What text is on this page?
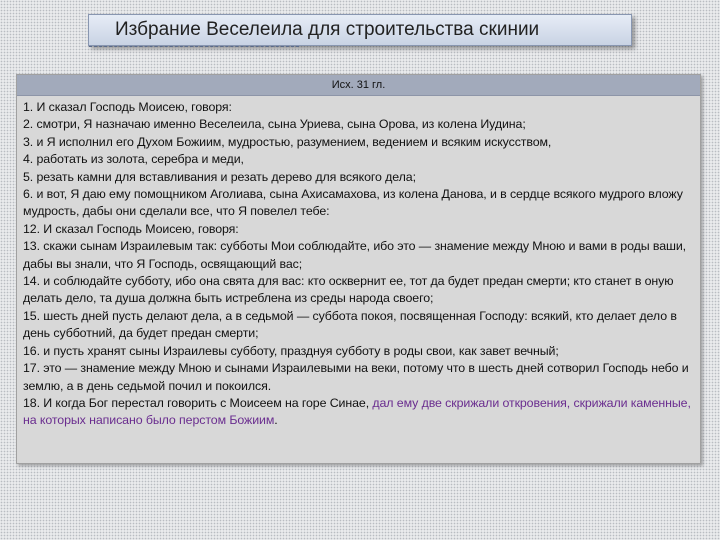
Избрание Веселеила для строительства скинии
Исх. 31 гл.
1. И сказал Господь Моисею, говоря:
2. смотри, Я назначаю именно Веселеила, сына Уриева, сына Орова, из колена Иудина;
3. и Я исполнил его Духом Божиим, мудростью, разумением, ведением и всяким искусством,
4. работать из золота, серебра и меди,
5. резать камни для вставливания и резать дерево для всякого дела;
6. и вот, Я даю ему помощником Аголиава, сына Ахисамахова, из колена Данова, и в сердце всякого мудрого вложу мудрость, дабы они сделали все, что Я повелел тебе:
12. И сказал Господь Моисею, говоря:
13. скажи сынам Израилевым так: субботы Мои соблюдайте, ибо это — знамение между Мною и вами в роды ваши, дабы вы знали, что Я Господь, освящающий вас;
14. и соблюдайте субботу, ибо она свята для вас: кто осквернит ее, тот да будет предан смерти; кто станет в оную делать дело, та душа должна быть истреблена из среды народа своего;
15. шесть дней пусть делают дела, а в седьмой — суббота покоя, посвященная Господу: всякий, кто делает дело в день субботний, да будет предан смерти;
16. и пусть хранят сыны Израилевы субботу, празднуя субботу в роды свои, как завет вечный;
17. это — знамение между Мною и сынами Израилевыми на веки, потому что в шесть дней сотворил Господь небо и землю, а в день седьмой почил и покоился.
18. И когда Бог перестал говорить с Моисеем на горе Синае, дал ему две скрижали откровения, скрижали каменные, на которых написано было перстом Божиим.
